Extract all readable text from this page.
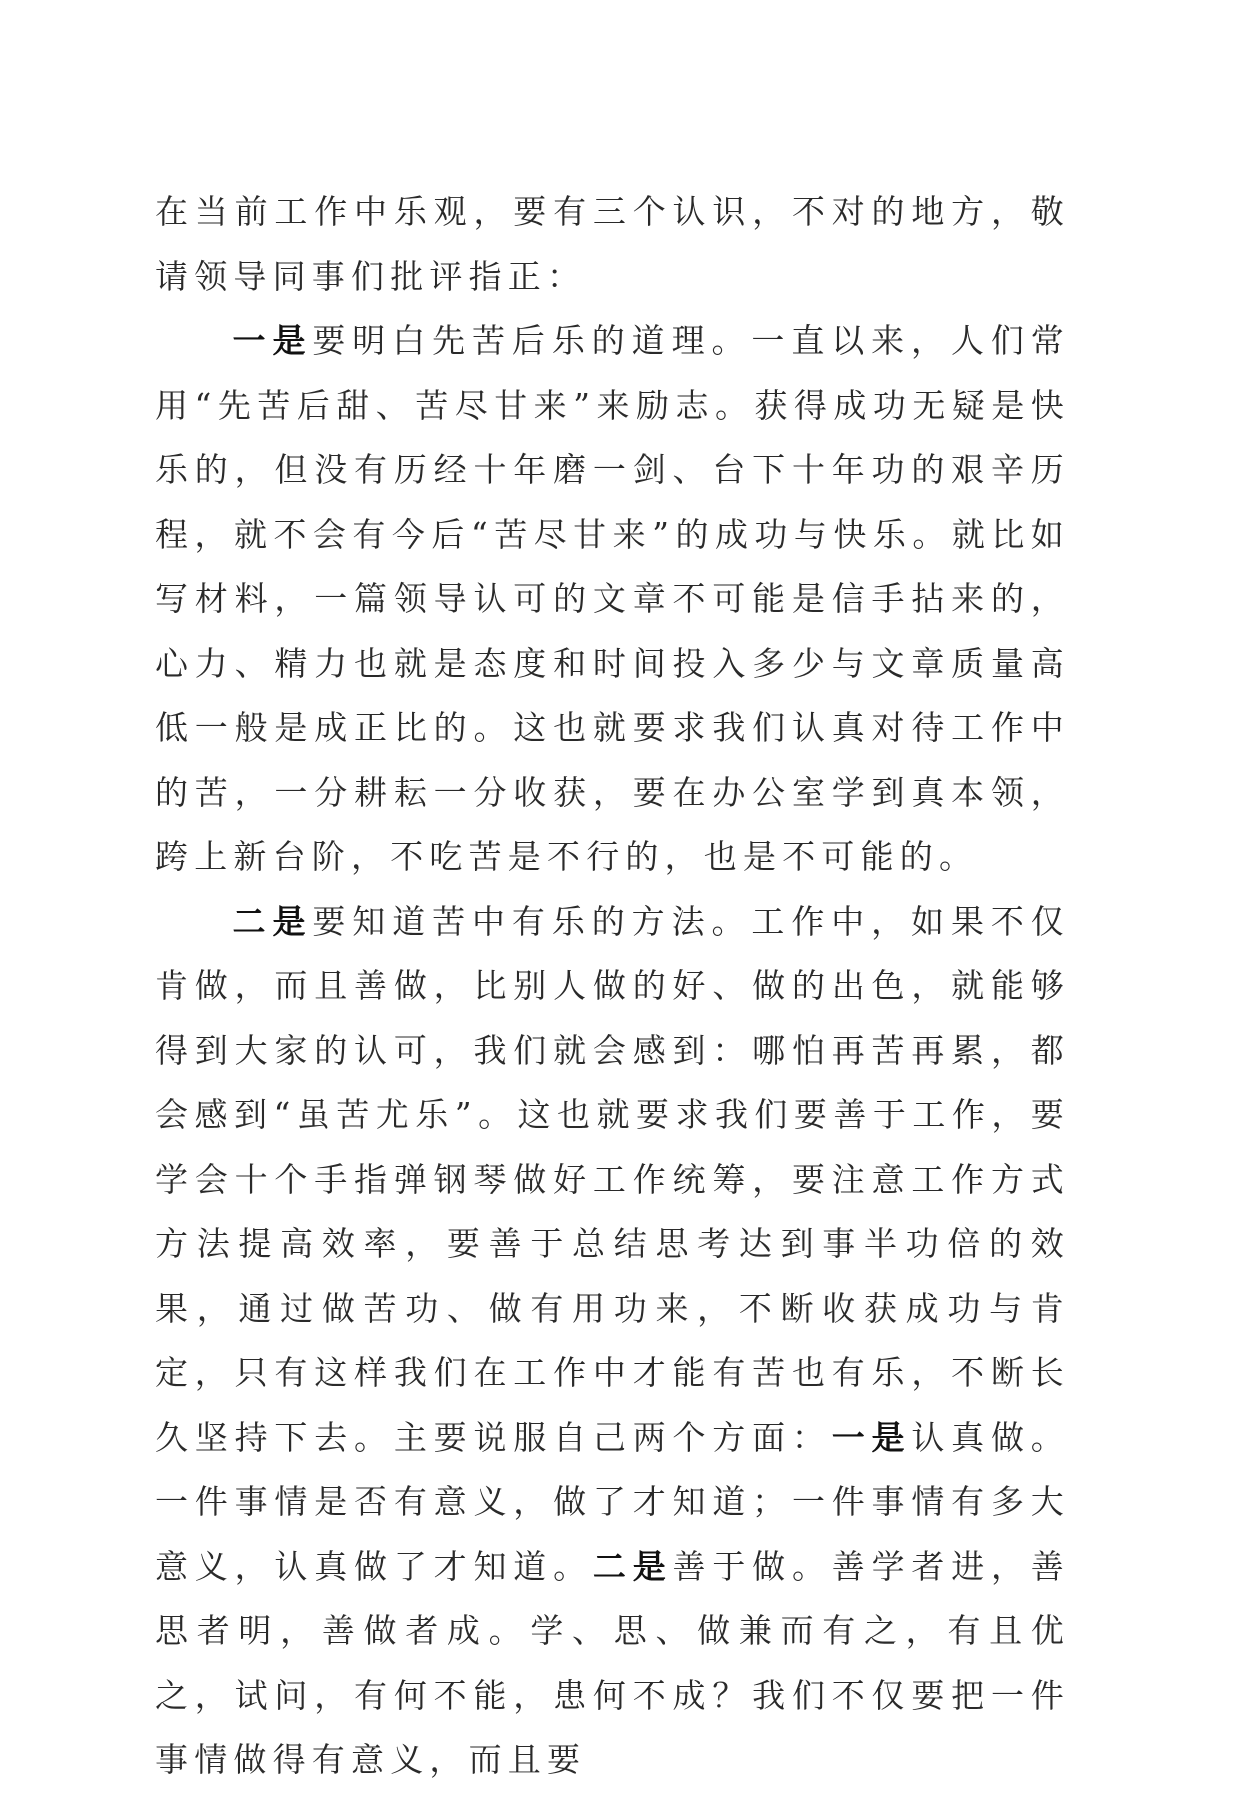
在当前工作中乐观，要有三个认识，不对的地方，敬请领导同事们批评指正：

一是要明白先苦后乐的道理。一直以来，人们常用“先苦后甜、苦尽甘来”来励志。获得成功无疑是快乐的，但没有历经十年磨一剑、台下十年功的艰辛历程，就不会有今后“苦尽甘来”的成功与快乐。就比如写材料，一篇领导认可的文章不可能是信手拈来的，心力、精力也就是态度和时间投入多少与文章质量高低一般是成正比的。这也就要求我们认真对待工作中的苦，一分耕耘一分收获，要在办公室学到真本领，跨上新台阶，不吃苦是不行的，也是不可能的。

二是要知道苦中有乐的方法。工作中，如果不仅肯做，而且善做，比别人做的好、做的出色，就能够得到大家的认可，我们就会感到：哪怕再苦再累，都会感到“虽苦尤乐”。这也就要求我们要善于工作，要学会十个手指弹钢琴做好工作统筹，要注意工作方式方法提高效率，要善于总结思考达到事半功倍的效果，通过做苦功、做有用功来，不断收获成功与肯定，只有这样我们在工作中才能有苦也有乐，不断长久坚持下去。主要说服自己两个方面：一是认真做。一件事情是否有意义，做了才知道；一件事情有多大意义，认真做了才知道。二是善于做。善学者进，善思者明，善做者成。学、思、做兼而有之，有且优之，试问，有何不能，患何不成？我们不仅要把一件事情做得有意义，而且要
